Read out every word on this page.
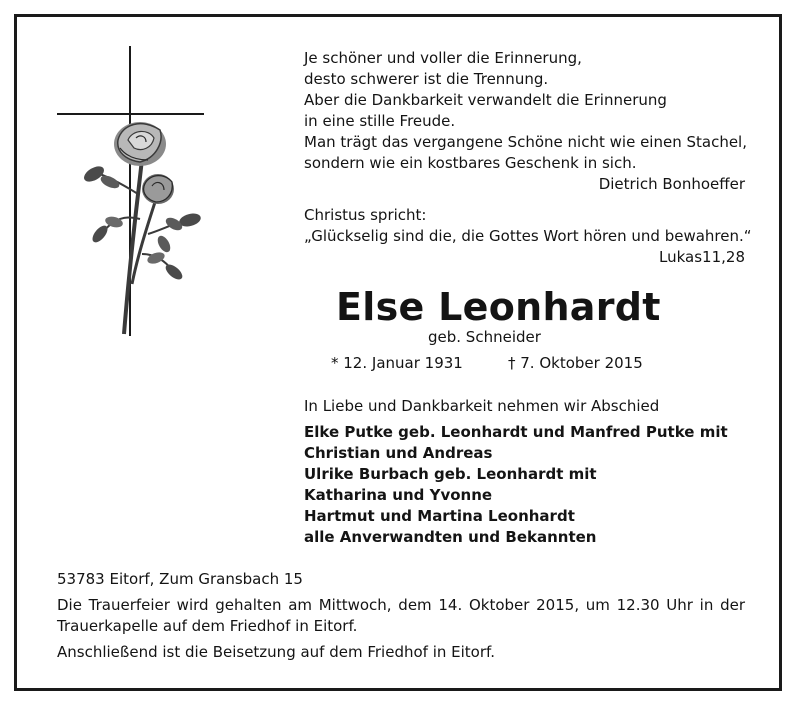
Je schöner und voller die Erinnerung,
desto schwerer ist die Trennung.
Aber die Dankbarkeit verwandelt die Erinnerung
in eine stille Freude.
Man trägt das vergangene Schöne nicht wie einen Stachel,
sondern wie ein kostbares Geschenk in sich.
Dietrich Bonhoeffer
Christus spricht:
„Glückselig sind die, die Gottes Wort hören und bewahren.“
Lukas11,28
Else Leonhardt
geb. Schneider
* 12. Januar 1931	† 7. Oktober 2015
In Liebe und Dankbarkeit nehmen wir Abschied
Elke Putke geb. Leonhardt und Manfred Putke mit
Christian und Andreas
Ulrike Burbach geb. Leonhardt mit
Katharina und Yvonne
Hartmut und Martina Leonhardt
alle Anverwandten und Bekannten
53783 Eitorf, Zum Gransbach 15
Die Trauerfeier wird gehalten am Mittwoch, dem 14. Oktober 2015, um 12.30 Uhr in der
Trauerkapelle auf dem Friedhof in Eitorf.
Anschließend ist die Beisetzung auf dem Friedhof in Eitorf.
